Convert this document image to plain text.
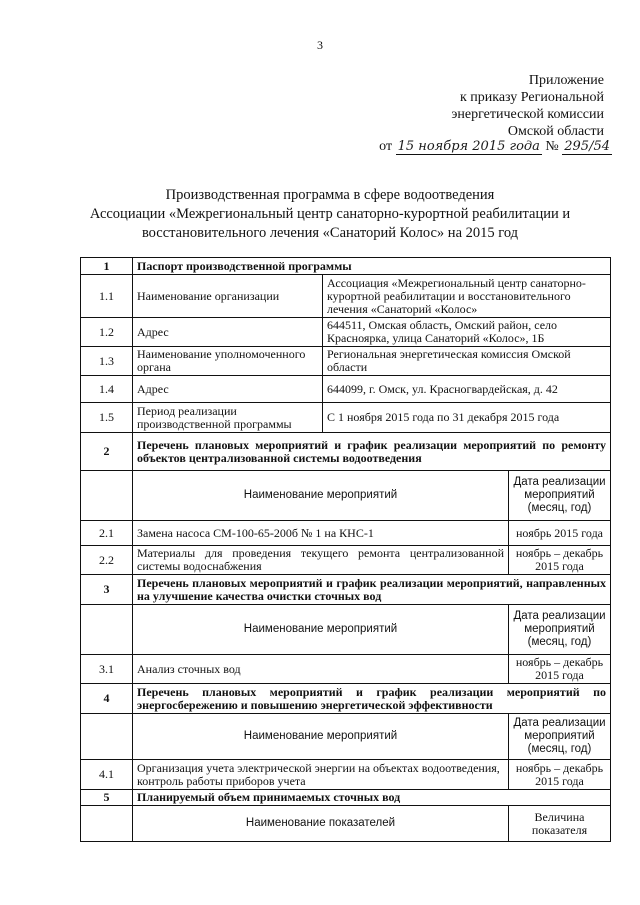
3
Приложение
к приказу Региональной
энергетической комиссии
Омской области
от 15 ноября 2015 года № 295/54
Производственная программа в сфере водоотведения
Ассоциации «Межрегиональный центр санаторно-курортной реабилитации и
восстановительного лечения «Санаторий Колос» на 2015 год
1	Паспорт производственной программы		
1.1	Наименование организации	Ассоциация «Межрегиональный центр санаторно-курортной реабилитации и восстановительного лечения «Санаторий «Колос»	
1.2	Адрес	644511, Омская область, Омский район, село Красноярка, улица Санаторий «Колос», 1Б	
1.3	Наименование уполномоченного органа	Региональная энергетическая комиссия Омской области	
1.4	Адрес	644099, г. Омск, ул. Красногвардейская, д. 42	
1.5	Период реализации производственной программы	С 1 ноября 2015 года по 31 декабря 2015 года	
2	Перечень плановых мероприятий и график реализации мероприятий по ремонту объектов централизованной системы водоотведения		
	Наименование мероприятий		Дата реализации мероприятий (месяц, год)
2.1	Замена насоса СМ-100-65-200б № 1 на КНС-1		ноябрь 2015 года
2.2	Материалы для проведения текущего ремонта централизованной системы водоснабжения		ноябрь – декабрь 2015 года
3	Перечень плановых мероприятий и график реализации мероприятий, направленных на улучшение качества очистки сточных вод		
	Наименование мероприятий		Дата реализации мероприятий (месяц, год)
3.1	Анализ сточных вод		ноябрь – декабрь 2015 года
4	Перечень плановых мероприятий и график реализации мероприятий по энергосбережению и повышению энергетической эффективности		
	Наименование мероприятий		Дата реализации мероприятий (месяц, год)
4.1	Организация учета электрической энергии на объектах водоотведения, контроль работы приборов учета		ноябрь – декабрь 2015 года
5	Планируемый объем принимаемых сточных вод		
	Наименование показателей		Величина показателя
